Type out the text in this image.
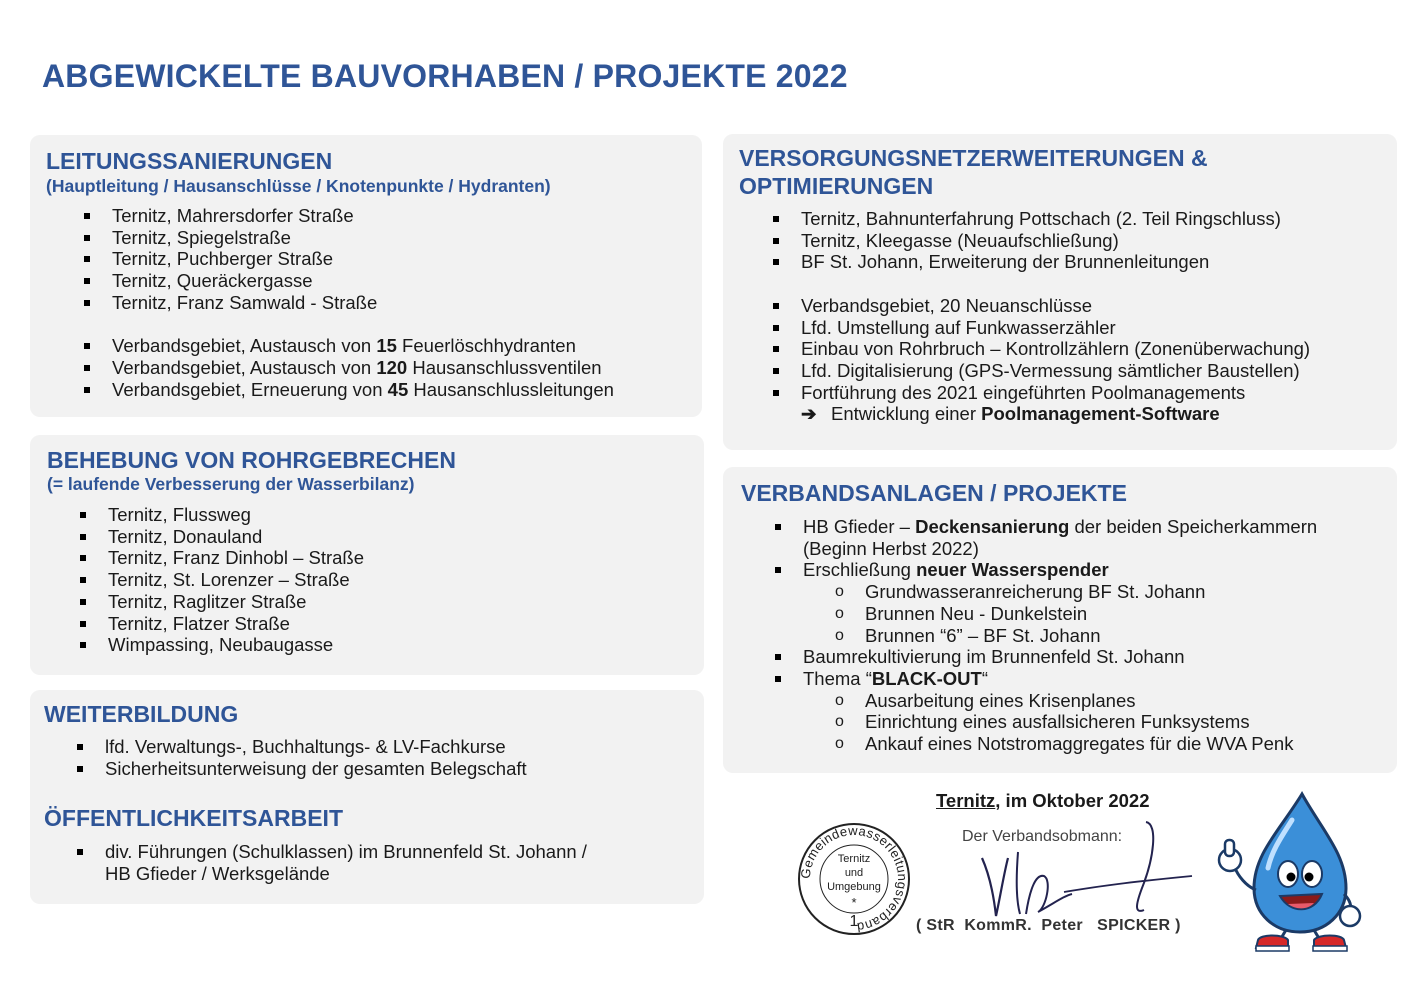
ABGEWICKELTE BAUVORHABEN / PROJEKTE 2022
LEITUNGSSANIERUNGEN
(Hauptleitung / Hausanschlüsse / Knotenpunkte / Hydranten)
Ternitz, Mahrersdorfer Straße
Ternitz, Spiegelstraße
Ternitz, Puchberger Straße
Ternitz, Queräckergasse
Ternitz, Franz Samwald - Straße
Verbandsgebiet, Austausch von 15 Feuerlöschhydranten
Verbandsgebiet, Austausch von 120 Hausanschlussventilen
Verbandsgebiet, Erneuerung von 45 Hausanschlussleitungen
BEHEBUNG VON ROHRGEBRECHEN
(= laufende Verbesserung der Wasserbilanz)
Ternitz, Flussweg
Ternitz, Donauland
Ternitz, Franz Dinhobl – Straße
Ternitz, St. Lorenzer – Straße
Ternitz, Raglitzer Straße
Ternitz, Flatzer Straße
Wimpassing, Neubaugasse
WEITERBILDUNG
lfd. Verwaltungs-, Buchhaltungs- & LV-Fachkurse
Sicherheitsunterweisung der gesamten Belegschaft
ÖFFENTLICHKEITSARBEIT
div. Führungen (Schulklassen) im Brunnenfeld St. Johann /
HB Gfieder / Werksgelände
VERSORGUNGSNETZERWEITERUNGEN & OPTIMIERUNGEN
Ternitz, Bahnunterfahrung Pottschach (2. Teil Ringschluss)
Ternitz, Kleegasse (Neuaufschließung)
BF St. Johann, Erweiterung der Brunnenleitungen
Verbandsgebiet, 20 Neuanschlüsse
Lfd. Umstellung auf Funkwasserzähler
Einbau von Rohrbruch – Kontrollzählern (Zonenüberwachung)
Lfd. Digitalisierung (GPS-Vermessung sämtlicher Baustellen)
Fortführung des 2021 eingeführten Poolmanagements
➔ Entwicklung einer Poolmanagement-Software
VERBANDSANLAGEN / PROJEKTE
HB Gfieder – Deckensanierung der beiden Speicherkammern
(Beginn Herbst 2022)
Erschließung neuer Wasserspender
o Grundwasseranreicherung BF St. Johann
o Brunnen Neu - Dunkelstein
o Brunnen “6” – BF St. Johann
Baumrekultivierung im Brunnenfeld St. Johann
Thema “BLACK-OUT“
o Ausarbeitung eines Krisenplanes
o Einrichtung eines ausfallsicheren Funksystems
o Ankauf eines Notstromaggregates für die WVA Penk
Ternitz, im Oktober 2022
Der Verbandsobmann:
( StR  KommR.  Peter   SPICKER )
Gemeindewasserleitungsverband
Ternitz
und
Umgebung
*
1
